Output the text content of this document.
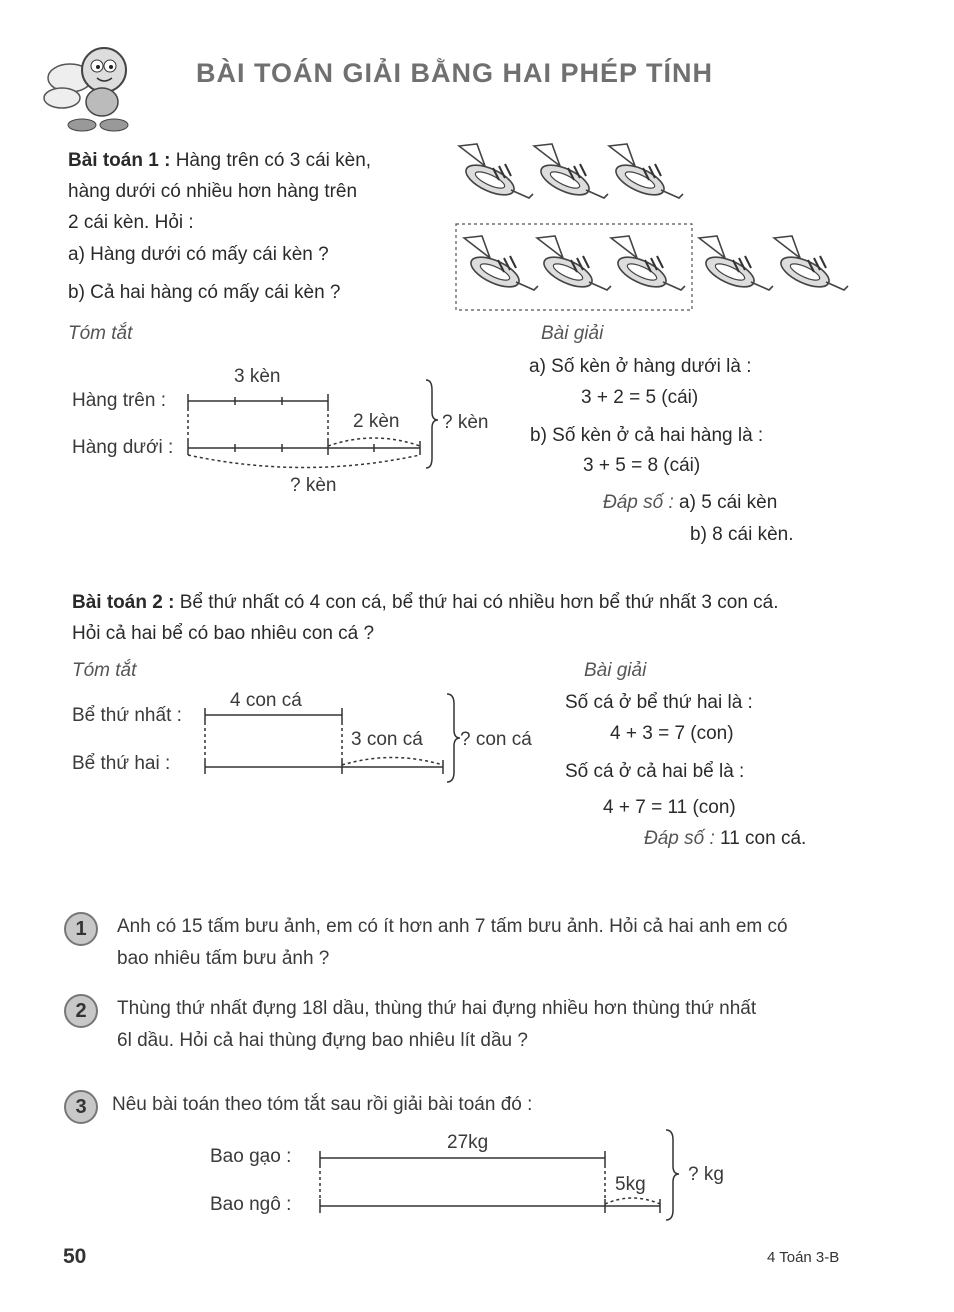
BÀI TOÁN GIẢI BẰNG HAI PHÉP TÍNH
Bài toán 1 : Hàng trên có 3 cái kèn,
hàng dưới có nhiều hơn hàng trên
2 cái kèn. Hỏi :
a) Hàng dưới có mấy cái kèn ?
b) Cả hai hàng có mấy cái kèn ?
Tóm tắt
Hàng trên :
Hàng dưới :
3 kèn
2 kèn ? kèn
? kèn
Bài giải
a) Số kèn ở hàng dưới là :
3 + 2 = 5 (cái)
b) Số kèn ở cả hai hàng là :
3 + 5 = 8 (cái)
Đáp số : a) 5 cái kèn
b) 8 cái kèn.
Bài toán 2 : Bể thứ nhất có 4 con cá, bể thứ hai có nhiều hơn bể thứ nhất 3 con cá.
Hỏi cả hai bể có bao nhiêu con cá ?
Tóm tắt
Bể thứ nhất :
Bể thứ hai :
4 con cá
3 con cá ? con cá
Bài giải
Số cá ở bể thứ hai là :
4 + 3 = 7 (con)
Số cá ở cả hai bể là :
4 + 7 = 11 (con)
Đáp số : 11 con cá.
1	Anh có 15 tấm bưu ảnh, em có ít hơn anh 7 tấm bưu ảnh. Hỏi cả hai anh em có
bao nhiêu tấm bưu ảnh ?
2	Thùng thứ nhất đựng 18l dầu, thùng thứ hai đựng nhiều hơn thùng thứ nhất
6l dầu. Hỏi cả hai thùng đựng bao nhiêu lít dầu ?
3	Nêu bài toán theo tóm tắt sau rồi giải bài toán đó :
Bao gạo :
Bao ngô :
27kg
5kg ? kg
50	4 Toán 3-B
